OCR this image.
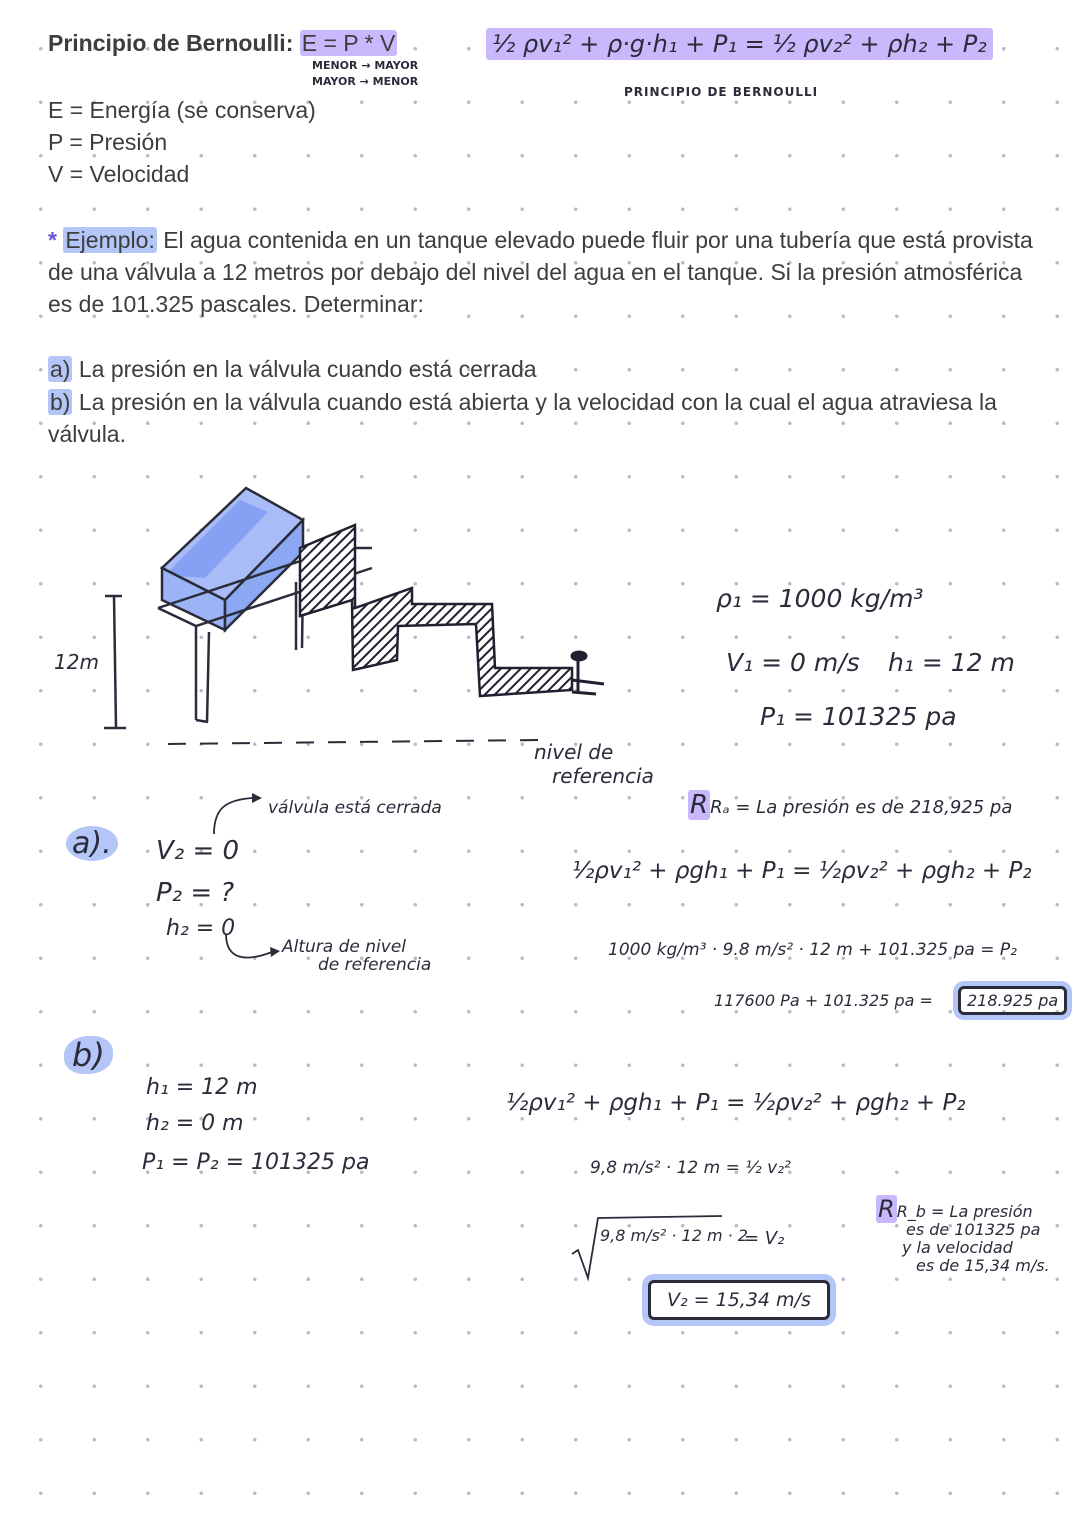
Principio de Bernoulli: E = P * V
MENOR → MAYOR
MAYOR → MENOR
½ ρv₁² + ρ·g·h₁ + P₁ = ½ ρv₂² + ρh₂ + P₂
PRINCIPIO DE BERNOULLI
E = Energía (se conserva)
P = Presión
V = Velocidad
* Ejemplo: El agua contenida en un tanque elevado puede fluir por una tubería que está provista de una válvula a 12 metros por debajo del nivel del agua en el tanque. Si la presión atmosférica es de 101.325 pascales. Determinar:
a) La presión en la válvula cuando está cerrada
b) La presión en la válvula cuando está abierta y la velocidad con la cual el agua atraviesa la válvula.
12m
nivel de
referencia
ρ₁ = 1000 kg/m³
V₁ = 0 m/s h₁ = 12 m
P₁ = 101325 pa
a). V₂ = 0
P₂ = ?
h₂ = 0
válvula está cerrada
Altura de nivel
de referencia
R Rₐ = La presión es de 218,925 pa
½ρv₁² + ρgh₁ + P₁ = ½ρv₂² + ρgh₂ + P₂
1000 kg/m³ · 9.8 m/s² · 12 m + 101.325 pa = P₂
117600 Pa + 101.325 pa =	218.925 pa
b)
h₁ = 12 m
h₂ = 0 m
P₁ = P₂ = 101325 pa
½ρv₁² + ρgh₁ + P₁ = ½ρv₂² + ρgh₂ + P₂
9,8 m/s² · 12 m = ½ v₂²
9,8 m/s² · 12 m · 2
= V₂
V₂ = 15,34 m/s
R R_b = La presión
es de 101325 pa
y la velocidad
es de 15,34 m/s.
